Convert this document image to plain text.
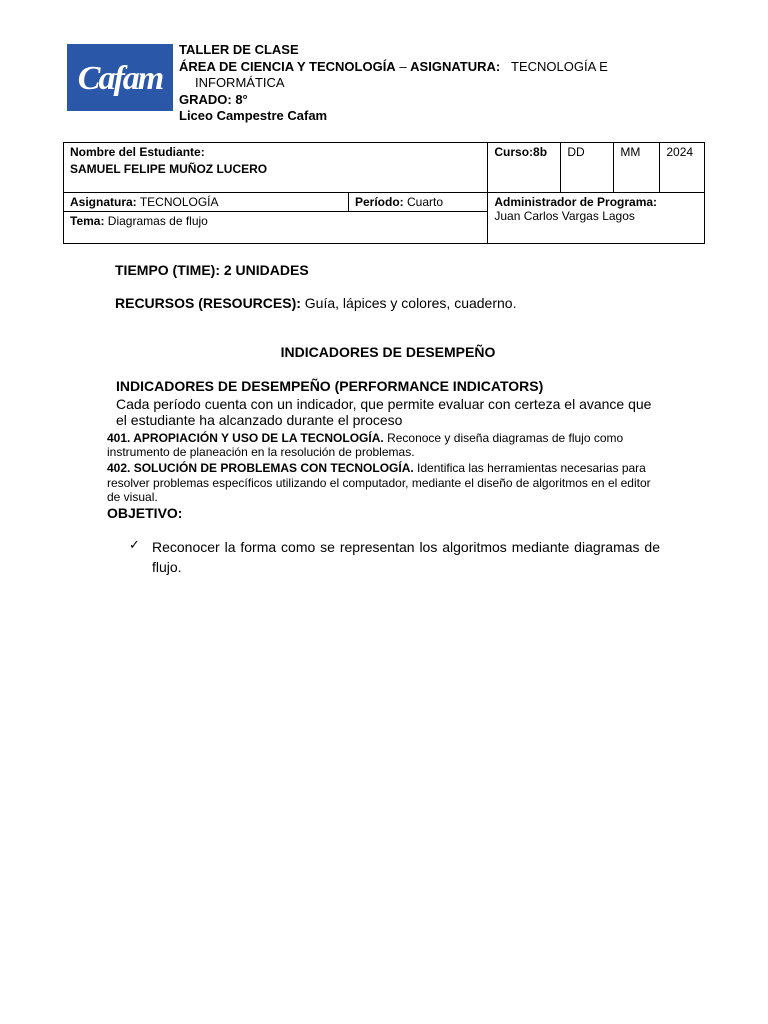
Cafam
TALLER DE CLASE
ÁREA DE CIENCIA Y TECNOLOGÍA – ASIGNATURA: TECNOLOGÍA E
INFORMÁTICA
GRADO: 8°
Liceo Campestre Cafam
Nombre del Estudiante:
SAMUEL FELIPE MUÑOZ LUCERO		Curso:8b	DD	MM	2024
Asignatura: TECNOLOGÍA	Período: Cuarto	Administrador de Programa:
Juan Carlos Vargas Lagos			

Tema: Diagramas de flujo					
TIEMPO (TIME): 2 UNIDADES
RECURSOS (RESOURCES): Guía, lápices y colores, cuaderno.
INDICADORES DE DESEMPEÑO
INDICADORES DE DESEMPEÑO (PERFORMANCE INDICATORS)
Cada período cuenta con un indicador, que permite evaluar con certeza el avance que el estudiante ha alcanzado durante el proceso
401. APROPIACIÓN Y USO DE LA TECNOLOGÍA. Reconoce y diseña diagramas de flujo como instrumento de planeación en la resolución de problemas.
402. SOLUCIÓN DE PROBLEMAS CON TECNOLOGÍA. Identifica las herramientas necesarias para resolver problemas específicos utilizando el computador, mediante el diseño de algoritmos en el editor de visual.
OBJETIVO:
✓ Reconocer la forma como se representan los algoritmos mediante diagramas de flujo.
